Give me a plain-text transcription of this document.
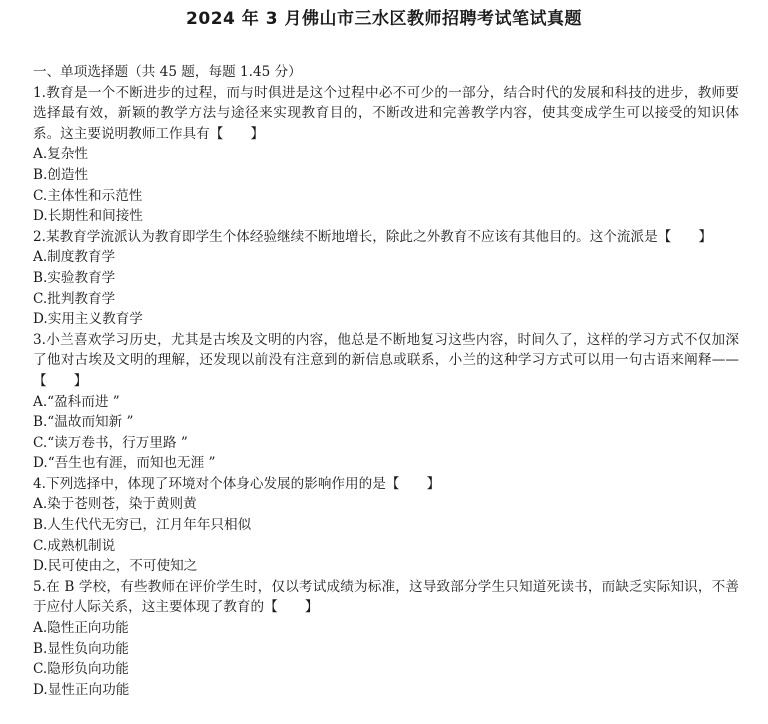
2024 年 3 月佛山市三水区教师招聘考试笔试真题

一、单项选择题（共 45 题，每题 1.45 分）

1.教育是一个不断进步的过程，而与时俱进是这个过程中必不可少的一部分，结合时代的发展和科技的进步，教师要选择最有效，新颖的教学方法与途径来实现教育目的，不断改进和完善教学内容，使其变成学生可以接受的知识体系。这主要说明教师工作具有【　　】

A.复杂性

B.创造性

C.主体性和示范性

D.长期性和间接性

2.某教育学流派认为教育即学生个体经验继续不断地增长，除此之外教育不应该有其他目的。这个流派是【　　】

A.制度教育学

B.实验教育学

C.批判教育学

D.实用主义教育学

3.小兰喜欢学习历史，尤其是古埃及文明的内容，他总是不断地复习这些内容，时间久了，这样的学习方式不仅加深了他对古埃及文明的理解，还发现以前没有注意到的新信息或联系，小兰的这种学习方式可以用一句古语来阐释——【　　】

A.“盈科而进 ”

B.“温故而知新 ”

C.“读万卷书，行万里路 ”

D.“吾生也有涯，而知也无涯 ”

4.下列选择中，体现了环境对个体身心发展的影响作用的是【　　】

A.染于苍则苍，染于黄则黄

B.人生代代无穷已，江月年年只相似

C.成熟机制说

D.民可使由之，不可使知之

5.在 B 学校，有些教师在评价学生时，仅以考试成绩为标准，这导致部分学生只知道死读书，而缺乏实际知识，不善于应付人际关系，这主要体现了教育的【　　】

A.隐性正向功能

B.显性负向功能

C.隐形负向功能

D.显性正向功能
